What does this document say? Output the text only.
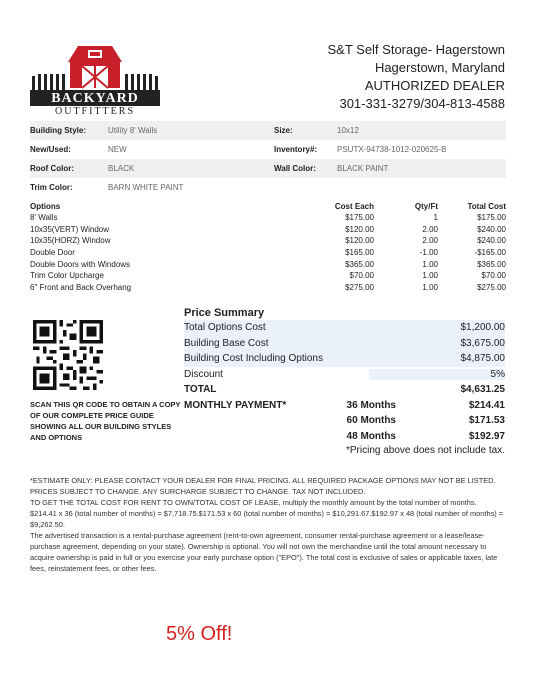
BACKYARD
OUTFITTERS
S&T Self Storage- Hagerstown
Hagerstown, Maryland
AUTHORIZED DEALER
301-331-3279/304-813-4588
Building Style:	Utility 8' Walls	Size:	10x12
New/Used:	NEW	Inventory#:	PSUTX-94738-1012-020625-B
Roof Color:	BLACK	Wall Color:	BLACK PAINT
Trim Color:	BARN WHITE PAINT
Options	Cost Each	Qty/Ft	Total Cost
8' Walls	$175.00	1	$175.00
10x35(VERT) Window	$120.00	2.00	$240.00
10x35(HORZ) Window	$120.00	2.00	$240.00
Double Door	$165.00	-1.00	-$165.00
Double Doors with Windows	$365.00	1.00	$365.00
Trim Color Upcharge	$70.00	1.00	$70.00
6" Front and Back Overhang	$275.00	1.00	$275.00
SCAN THIS QR CODE TO OBTAIN A COPY OF OUR COMPLETE PRICE GUIDE SHOWING ALL OUR BUILDING STYLES AND OPTIONS
Price Summary
Total Options Cost	$1,200.00
Building Base Cost	$3,675.00
Building Cost Including Options	$4,875.00
Discount	5%
TOTAL	$4,631.25
MONTHLY PAYMENT*	36 Months	$214.41
60 Months	$171.53
48 Months	$192.97
*Pricing above does not include tax.

*ESTIMATE ONLY: PLEASE CONTACT YOUR DEALER FOR FINAL PRICING. ALL REQUIRED PACKAGE OPTIONS MAY NOT BE LISTED. PRICES SUBJECT TO CHANGE. ANY SURCHARGE SUBJECT TO CHANGE. TAX NOT INCLUDED.

TO GET THE TOTAL COST FOR RENT TO OWN/TOTAL COST OF LEASE, multiply the monthly amount by the total number of months.

$214.41 x 36 (total number of months) = $7,718.75.$171.53 x 60 (total number of months) = $10,291.67.$192.97 x 48 (total number of months) = $9,262.50.

The advertised transaction is a rental-purchase agreement (rent-to-own agreement, consumer rental-purchase agreement or a lease/lease-purchase agreement, depending on your state). Ownership is optional. You will not own the merchandise until the total amount necessary to acquire ownership is paid in full or you exercise your early purchase option ("EPO"). The total cost is exclusive of sales or applicable taxes, late fees, reinstatement fees, or other fees.

5% Off!
